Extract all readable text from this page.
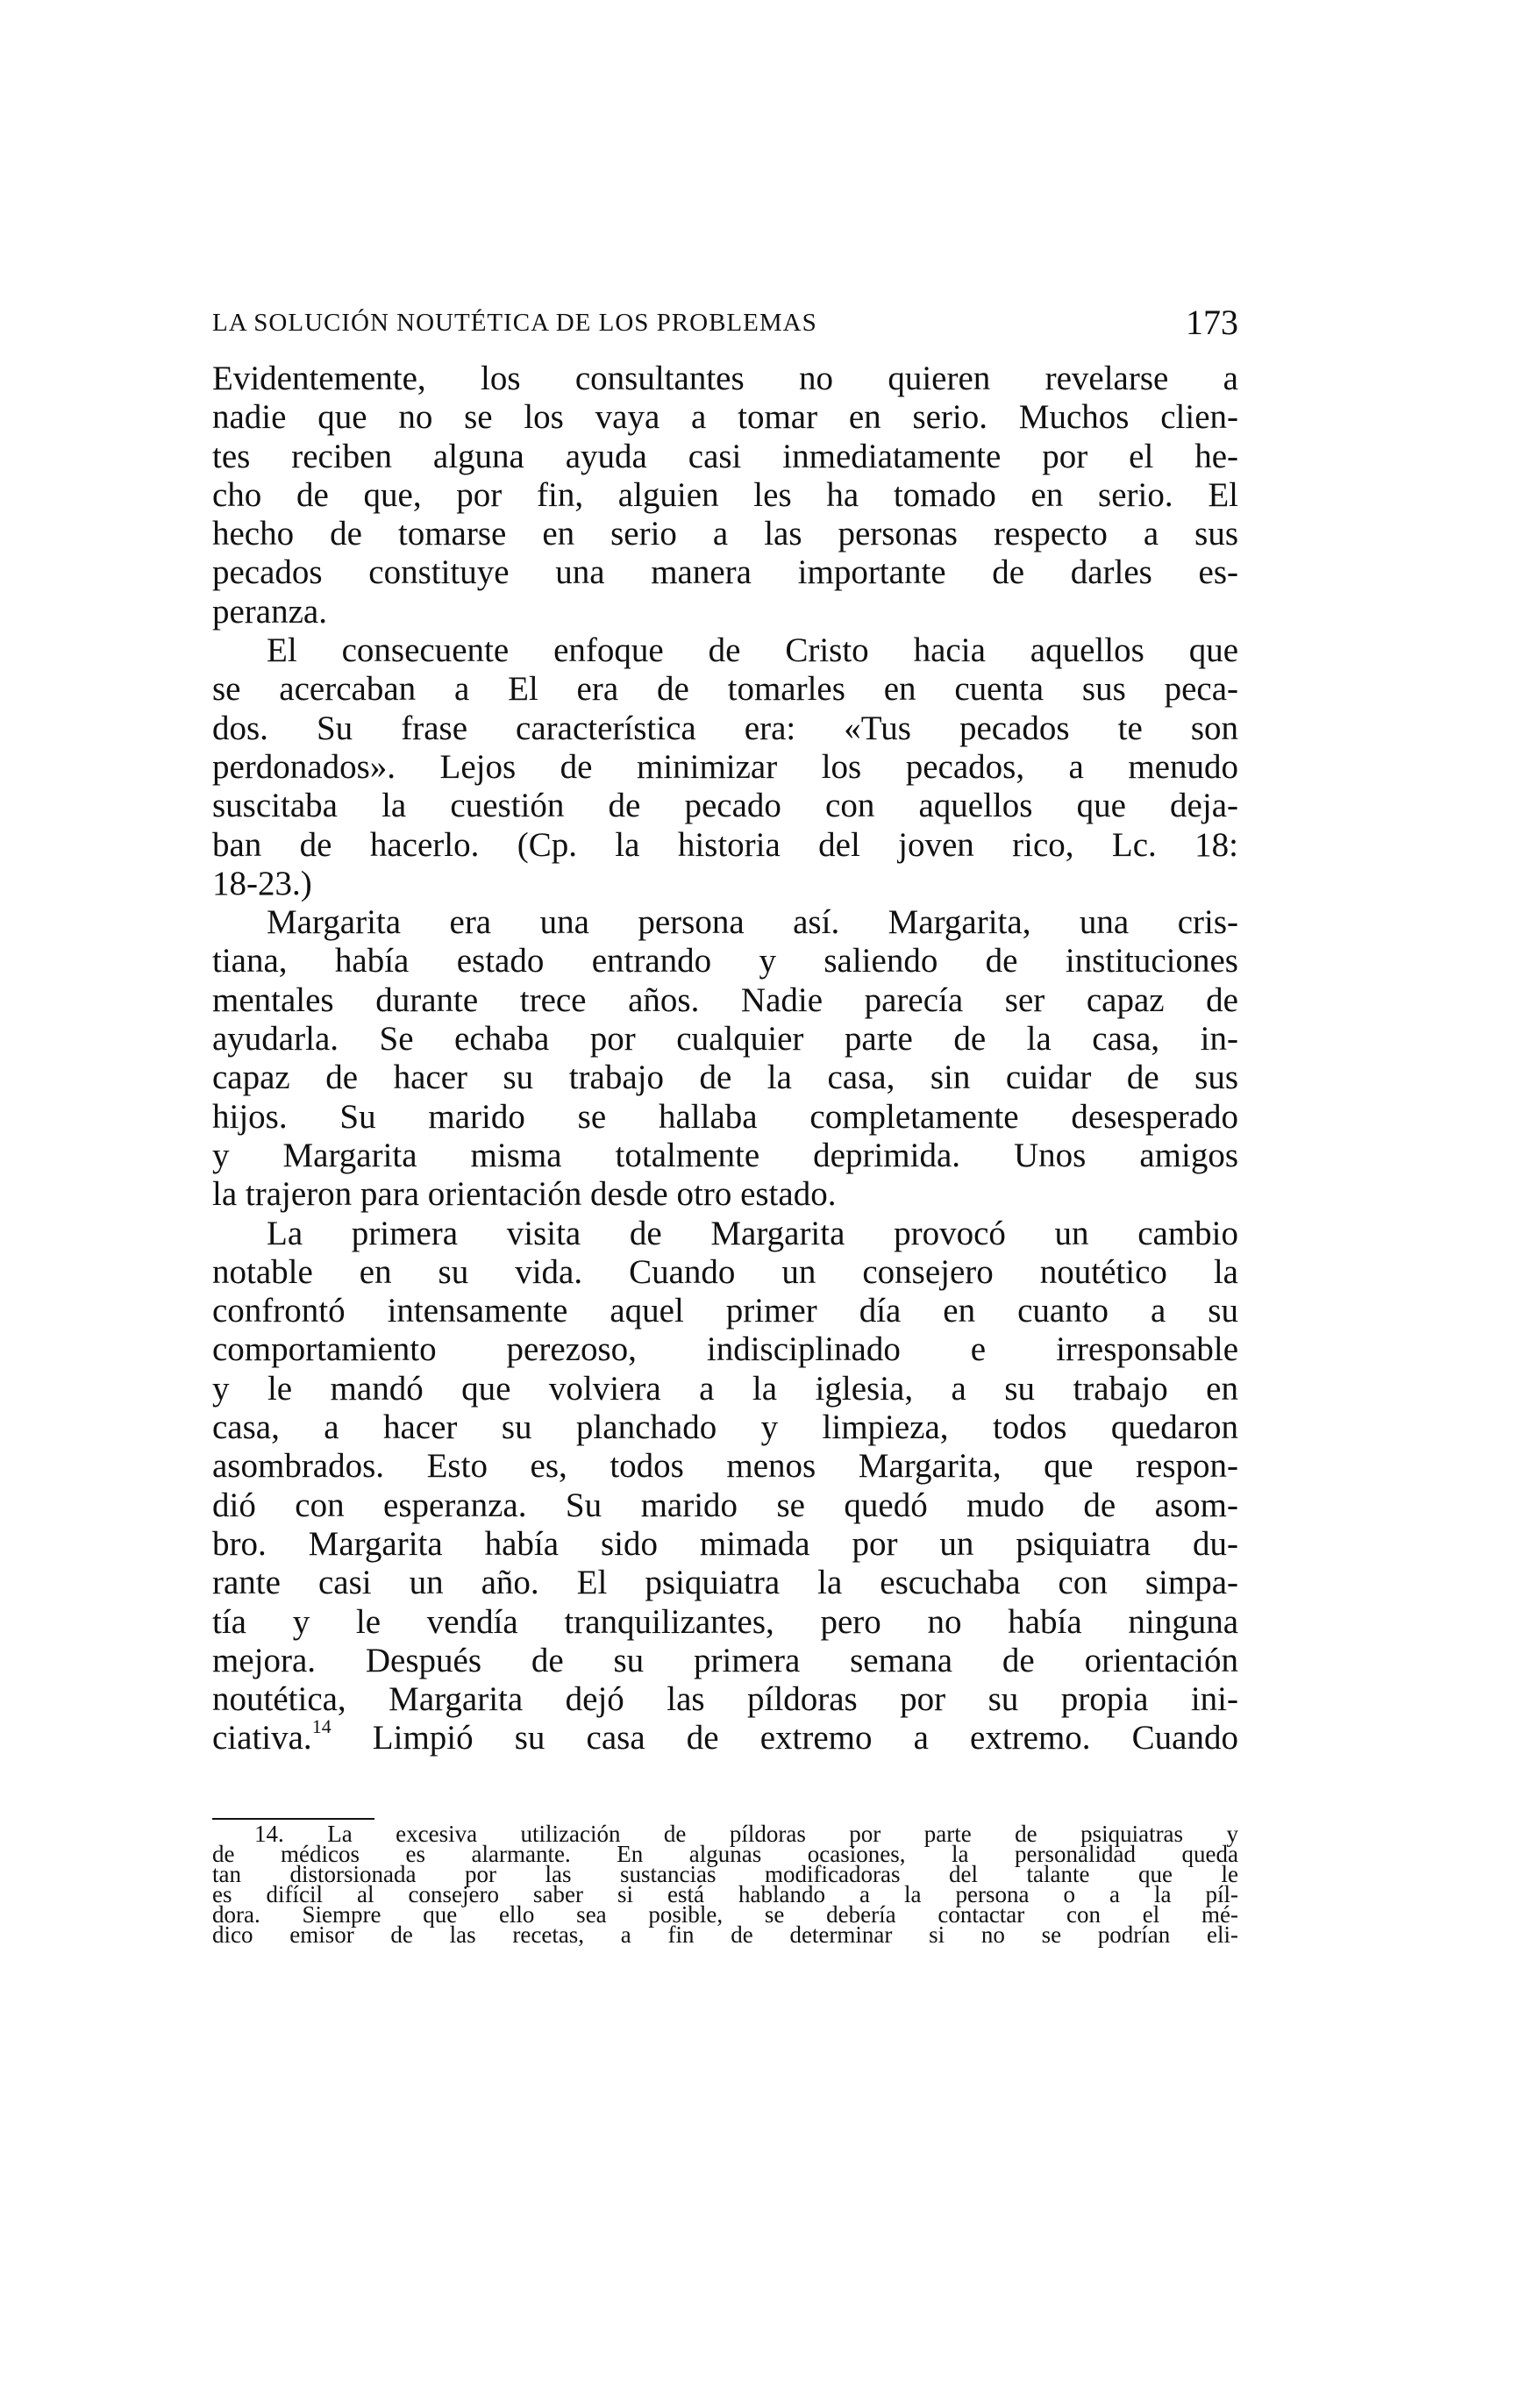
LA SOLUCIÓN NOUTÉTICA DE LOS PROBLEMAS	173
Evidentemente, los consultantes no quieren revelarse a
nadie que no se los vaya a tomar en serio. Muchos clien-
tes reciben alguna ayuda casi inmediatamente por el he-
cho de que, por fin, alguien les ha tomado en serio. El
hecho de tomarse en serio a las personas respecto a sus
pecados constituye una manera importante de darles es-
peranza.
El consecuente enfoque de Cristo hacia aquellos que
se acercaban a El era de tomarles en cuenta sus peca-
dos. Su frase característica era: «Tus pecados te son
perdonados». Lejos de minimizar los pecados, a menudo
suscitaba la cuestión de pecado con aquellos que deja-
ban de hacerlo. (Cp. la historia del joven rico, Lc. 18:
18-23.)
Margarita era una persona así. Margarita, una cris-
tiana, había estado entrando y saliendo de instituciones
mentales durante trece años. Nadie parecía ser capaz de
ayudarla. Se echaba por cualquier parte de la casa, in-
capaz de hacer su trabajo de la casa, sin cuidar de sus
hijos. Su marido se hallaba completamente desesperado
y Margarita misma totalmente deprimida. Unos amigos
la trajeron para orientación desde otro estado.
La primera visita de Margarita provocó un cambio
notable en su vida. Cuando un consejero noutético la
confrontó intensamente aquel primer día en cuanto a su
comportamiento perezoso, indisciplinado e irresponsable
y le mandó que volviera a la iglesia, a su trabajo en
casa, a hacer su planchado y limpieza, todos quedaron
asombrados. Esto es, todos menos Margarita, que respon-
dió con esperanza. Su marido se quedó mudo de asom-
bro. Margarita había sido mimada por un psiquiatra du-
rante casi un año. El psiquiatra la escuchaba con simpa-
tía y le vendía tranquilizantes, pero no había ninguna
mejora. Después de su primera semana de orientación
noutética, Margarita dejó las píldoras por su propia ini-
ciativa.$^{14}$ Limpió su casa de extremo a extremo. Cuando
14. La excesiva utilización de píldoras por parte de psiquiatras y
de médicos es alarmante. En algunas ocasiones, la personalidad queda
tan distorsionada por las sustancias modificadoras del talante que le
es difícil al consejero saber si está hablando a la persona o a la píl-
dora. Siempre que ello sea posible, se debería contactar con el mé-
dico emisor de las recetas, a fin de determinar si no se podrían eli-
